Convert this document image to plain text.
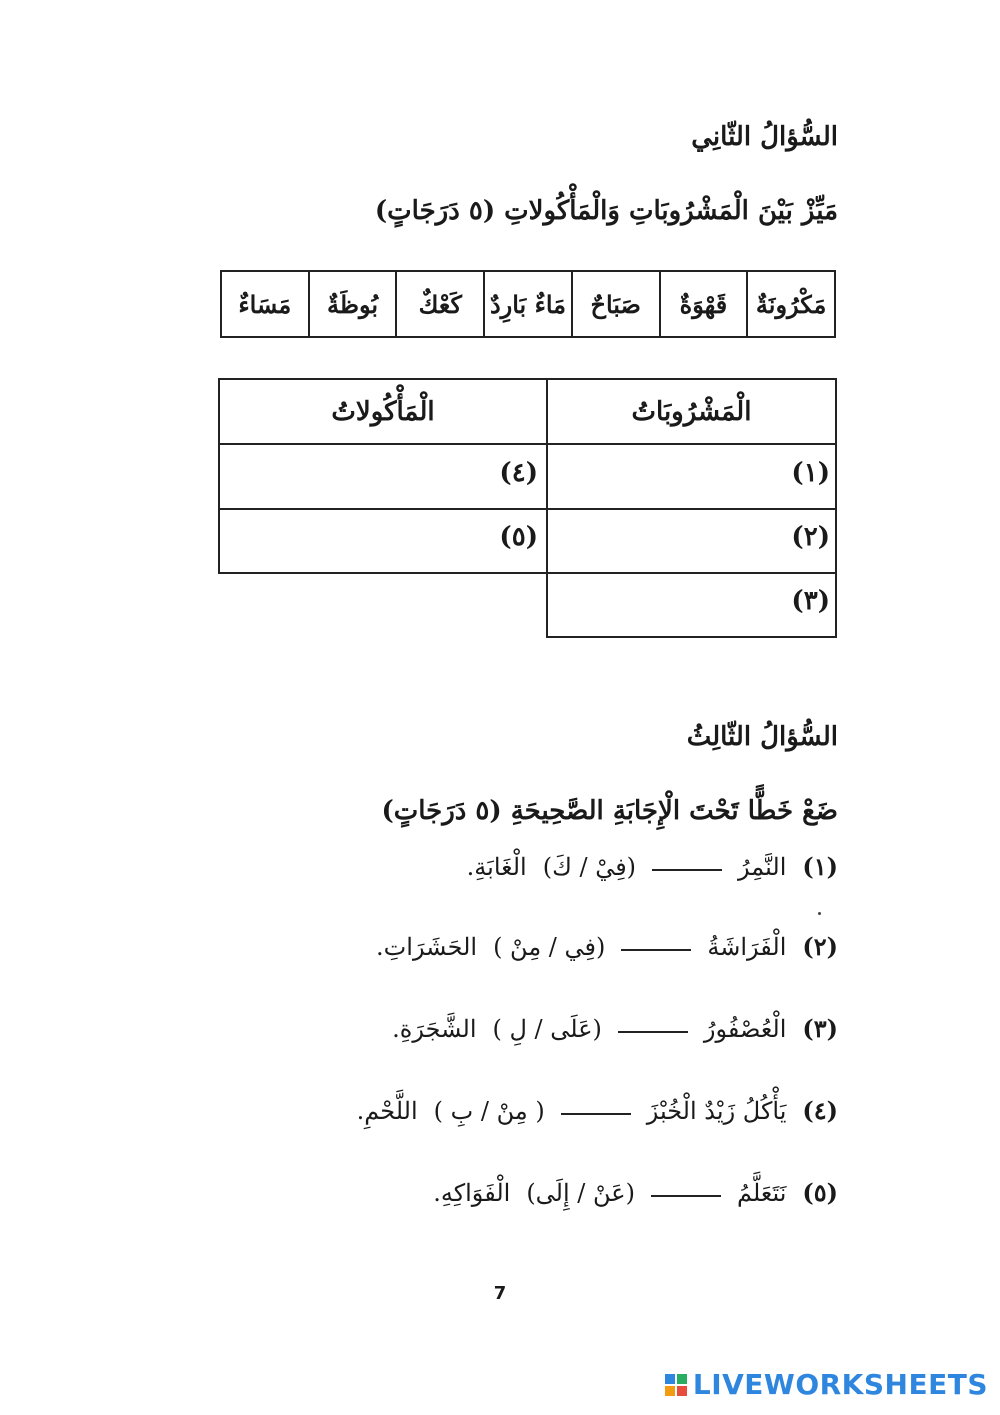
السُّؤالُ الثّانِي
مَيِّزْ بَيْنَ الْمَشْرُوبَاتِ وَالْمَأْكُولاتِ (٥ دَرَجَاتٍ)
مَكْرُونَةٌ
قَهْوَةٌ
صَبَاحٌ
مَاءٌ بَارِدٌ
كَعْكٌ
بُوظَةٌ
مَسَاءٌ
الْمَشْرُوبَاتُ
الْمَأْكُولاتُ
(١)
(٢)
(٣)
(٤)
(٥)
السُّؤالُ الثّالِثُ
ضَعْ خَطًّا تَحْتَ الْإِجَابَةِ الصَّحِيحَةِ (٥ دَرَجَاتٍ)
(١)
النَّمِرُ
(فِيْ / كَ)
الْغَابَةِ.
(٢)
الْفَرَاشَةُ
(فِي / مِنْ )
الحَشَرَاتِ.
(٣)
الْعُصْفُورُ
(عَلَى / لِ )
الشَّجَرَةِ.
(٤)
يَأْكُلُ زَيْدٌ الْخُبْزَ
( مِنْ / بِ )
اللَّحْمِ.
(٥)
نَتَعَلَّمُ
(عَنْ / إِلَى)
الْفَوَاكِهِ.
7
LIVEWORKSHEETS
